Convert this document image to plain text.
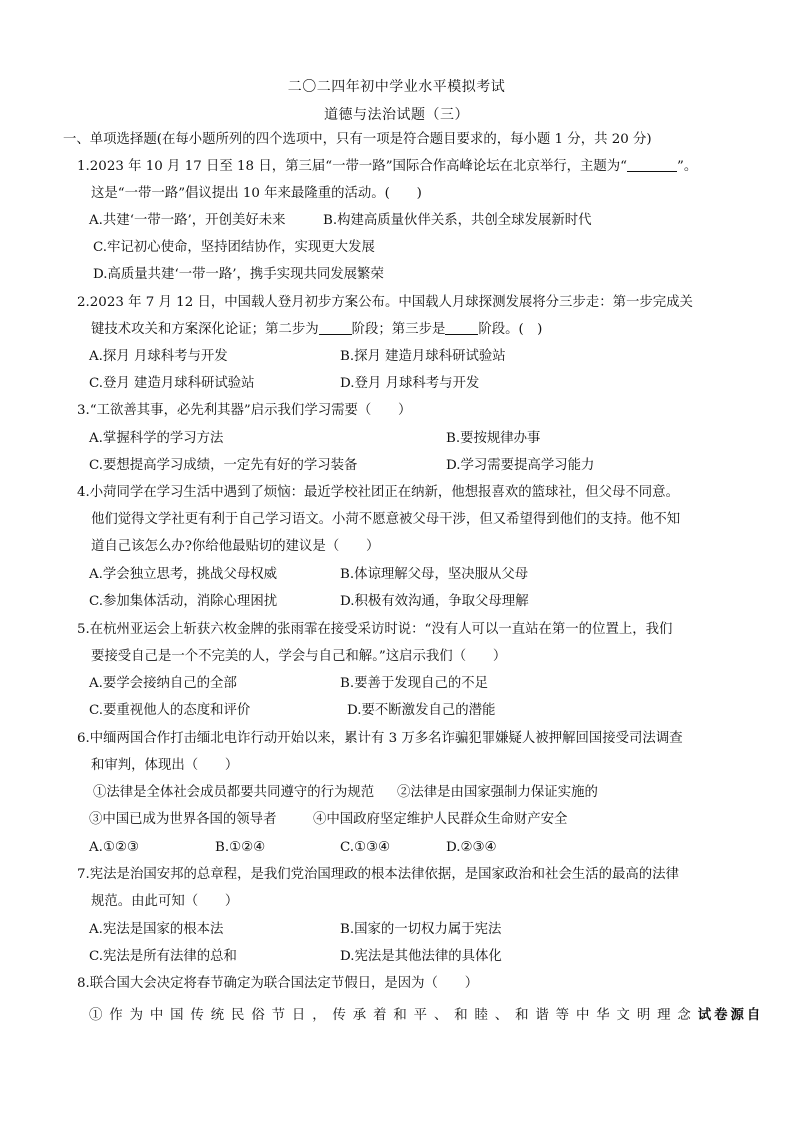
二〇二四年初中学业水平模拟考试
道德与法治试题（三）
一、单项选择题(在每小题所列的四个选项中，只有一项是符合题目要求的，每小题 1 分，共 20 分)
1.2023 年 10 月 17 日至 18 日，第三届“一带一路”国际合作高峰论坛在北京举行，主题为“	”。
这是“一带一路”倡议提出 10 年来最隆重的活动。(　　)
A.共建‘一带一路’，开创美好未来	B.构建高质量伙伴关系，共创全球发展新时代
C.牢记初心使命，坚持团结协作，实现更大发展
D.高质量共建‘一带一路’，携手实现共同发展繁荣
2.2023 年 7 月 12 日，中国载人登月初步方案公布。中国载人月球探测发展将分三步走：第一步完成关
键技术攻关和方案深化论证；第二步为 阶段；第三步是 阶段。(　)
A.探月 月球科考与开发	B.探月 建造月球科研试验站
C.登月 建造月球科研试验站	D.登月 月球科考与开发
3.“工欲善其事，必先利其器”启示我们学习需要（　　）
A.掌握科学的学习方法	B.要按规律办事
C.要想提高学习成绩，一定先有好的学习装备	D.学习需要提高学习能力
4.小菏同学在学习生活中遇到了烦恼：最近学校社团正在纳新，他想报喜欢的篮球社，但父母不同意。
他们觉得文学社更有利于自己学习语文。小菏不愿意被父母干涉，但又希望得到他们的支持。他不知
道自己该怎么办?你给他最贴切的建议是（　　）
A.学会独立思考，挑战父母权威	B.体谅理解父母，坚决服从父母
C.参加集体活动，消除心理困扰	D.积极有效沟通，争取父母理解
5.在杭州亚运会上斩获六枚金牌的张雨霏在接受采访时说：“没有人可以一直站在第一的位置上，我们
要接受自己是一个不完美的人，学会与自己和解。”这启示我们（　　）
A.要学会接纳自己的全部	B.要善于发现自己的不足
C.要重视他人的态度和评价	D.要不断激发自己的潜能
6.中缅两国合作打击缅北电诈行动开始以来，累计有 3 万多名诈骗犯罪嫌疑人被押解回国接受司法调查
和审判，体现出（　　）
①法律是全体社会成员都要共同遵守的行为规范 ②法律是由国家强制力保证实施的
③中国已成为世界各国的领导者	④中国政府坚定维护人民群众生命财产安全
A.①②③	B.①②④	C.①③④	D.②③④
7.宪法是治国安邦的总章程，是我们党治国理政的根本法律依据，是国家政治和社会生活的最高的法律
规范。由此可知（　　）
A.宪法是国家的根本法	B.国家的一切权力属于宪法
C.宪法是所有法律的总和	D.宪法是其他法律的具体化
8.联合国大会决定将春节确定为联合国法定节假日，是因为（　　）
①作为中国传统民俗节日，传承着和平、和睦、和谐等中华文明理念试卷源自
